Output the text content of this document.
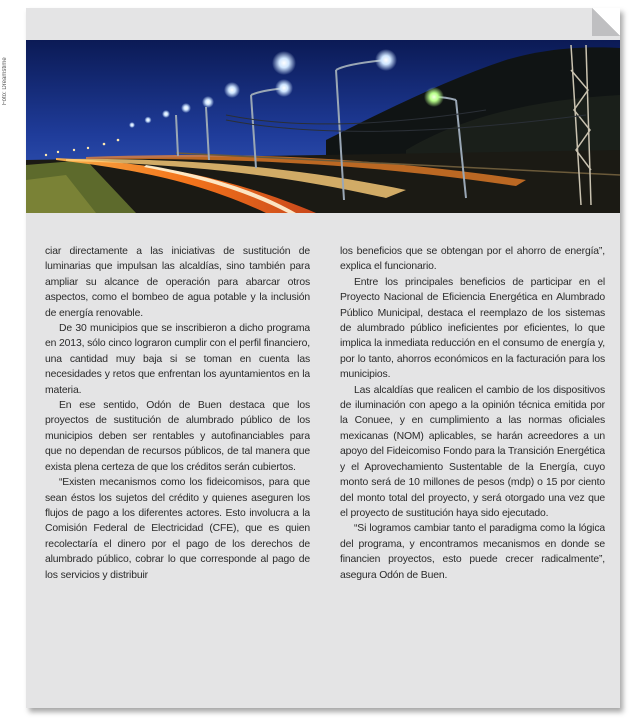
Foto: Dreamstime

ciar directamente a las iniciativas de sustitución de luminarias que impulsan las alcaldías, sino también para ampliar su alcance de operación para abarcar otros aspectos, como el bombeo de agua potable y la inclusión de energía renovable.

De 30 municipios que se inscribieron a dicho programa en 2013, sólo cinco lograron cumplir con el perfil financiero, una cantidad muy baja si se toman en cuenta las necesidades y retos que enfrentan los ayuntamientos en la materia.

En ese sentido, Odón de Buen destaca que los proyectos de sustitución de alumbrado público de los municipios deben ser rentables y autofinanciables para que no dependan de recursos públicos, de tal manera que exista plena certeza de que los créditos serán cubiertos.

“Existen mecanismos como los fideicomisos, para que sean éstos los sujetos del crédito y quienes aseguren los flujos de pago a los diferentes actores. Esto involucra a la Comisión Federal de Electricidad (CFE), que es quien recolectaría el dinero por el pago de los derechos de alumbrado público, cobrar lo que corresponde al pago de los servicios y distribuir

los beneficios que se obtengan por el ahorro de energía”, explica el funcionario.

Entre los principales beneficios de participar en el Proyecto Nacional de Eficiencia Energética en Alumbrado Público Municipal, destaca el reemplazo de los sistemas de alumbrado público ineficientes por eficientes, lo que implica la inmediata reducción en el consumo de energía y, por lo tanto, ahorros económicos en la facturación para los municipios.

Las alcaldías que realicen el cambio de los dispositivos de iluminación con apego a la opinión técnica emitida por la Conuee, y en cumplimiento a las normas oficiales mexicanas (NOM) aplicables, se harán acreedores a un apoyo del Fideicomiso Fondo para la Transición Energética y el Aprovechamiento Sustentable de la Energía, cuyo monto será de 10 millones de pesos (mdp) o 15 por ciento del monto total del proyecto, y será otorgado una vez que el proyecto de sustitución haya sido ejecutado.

“Si logramos cambiar tanto el paradigma como la lógica del programa, y encontramos mecanismos en donde se financien proyectos, esto puede crecer radicalmente”, asegura Odón de Buen.
